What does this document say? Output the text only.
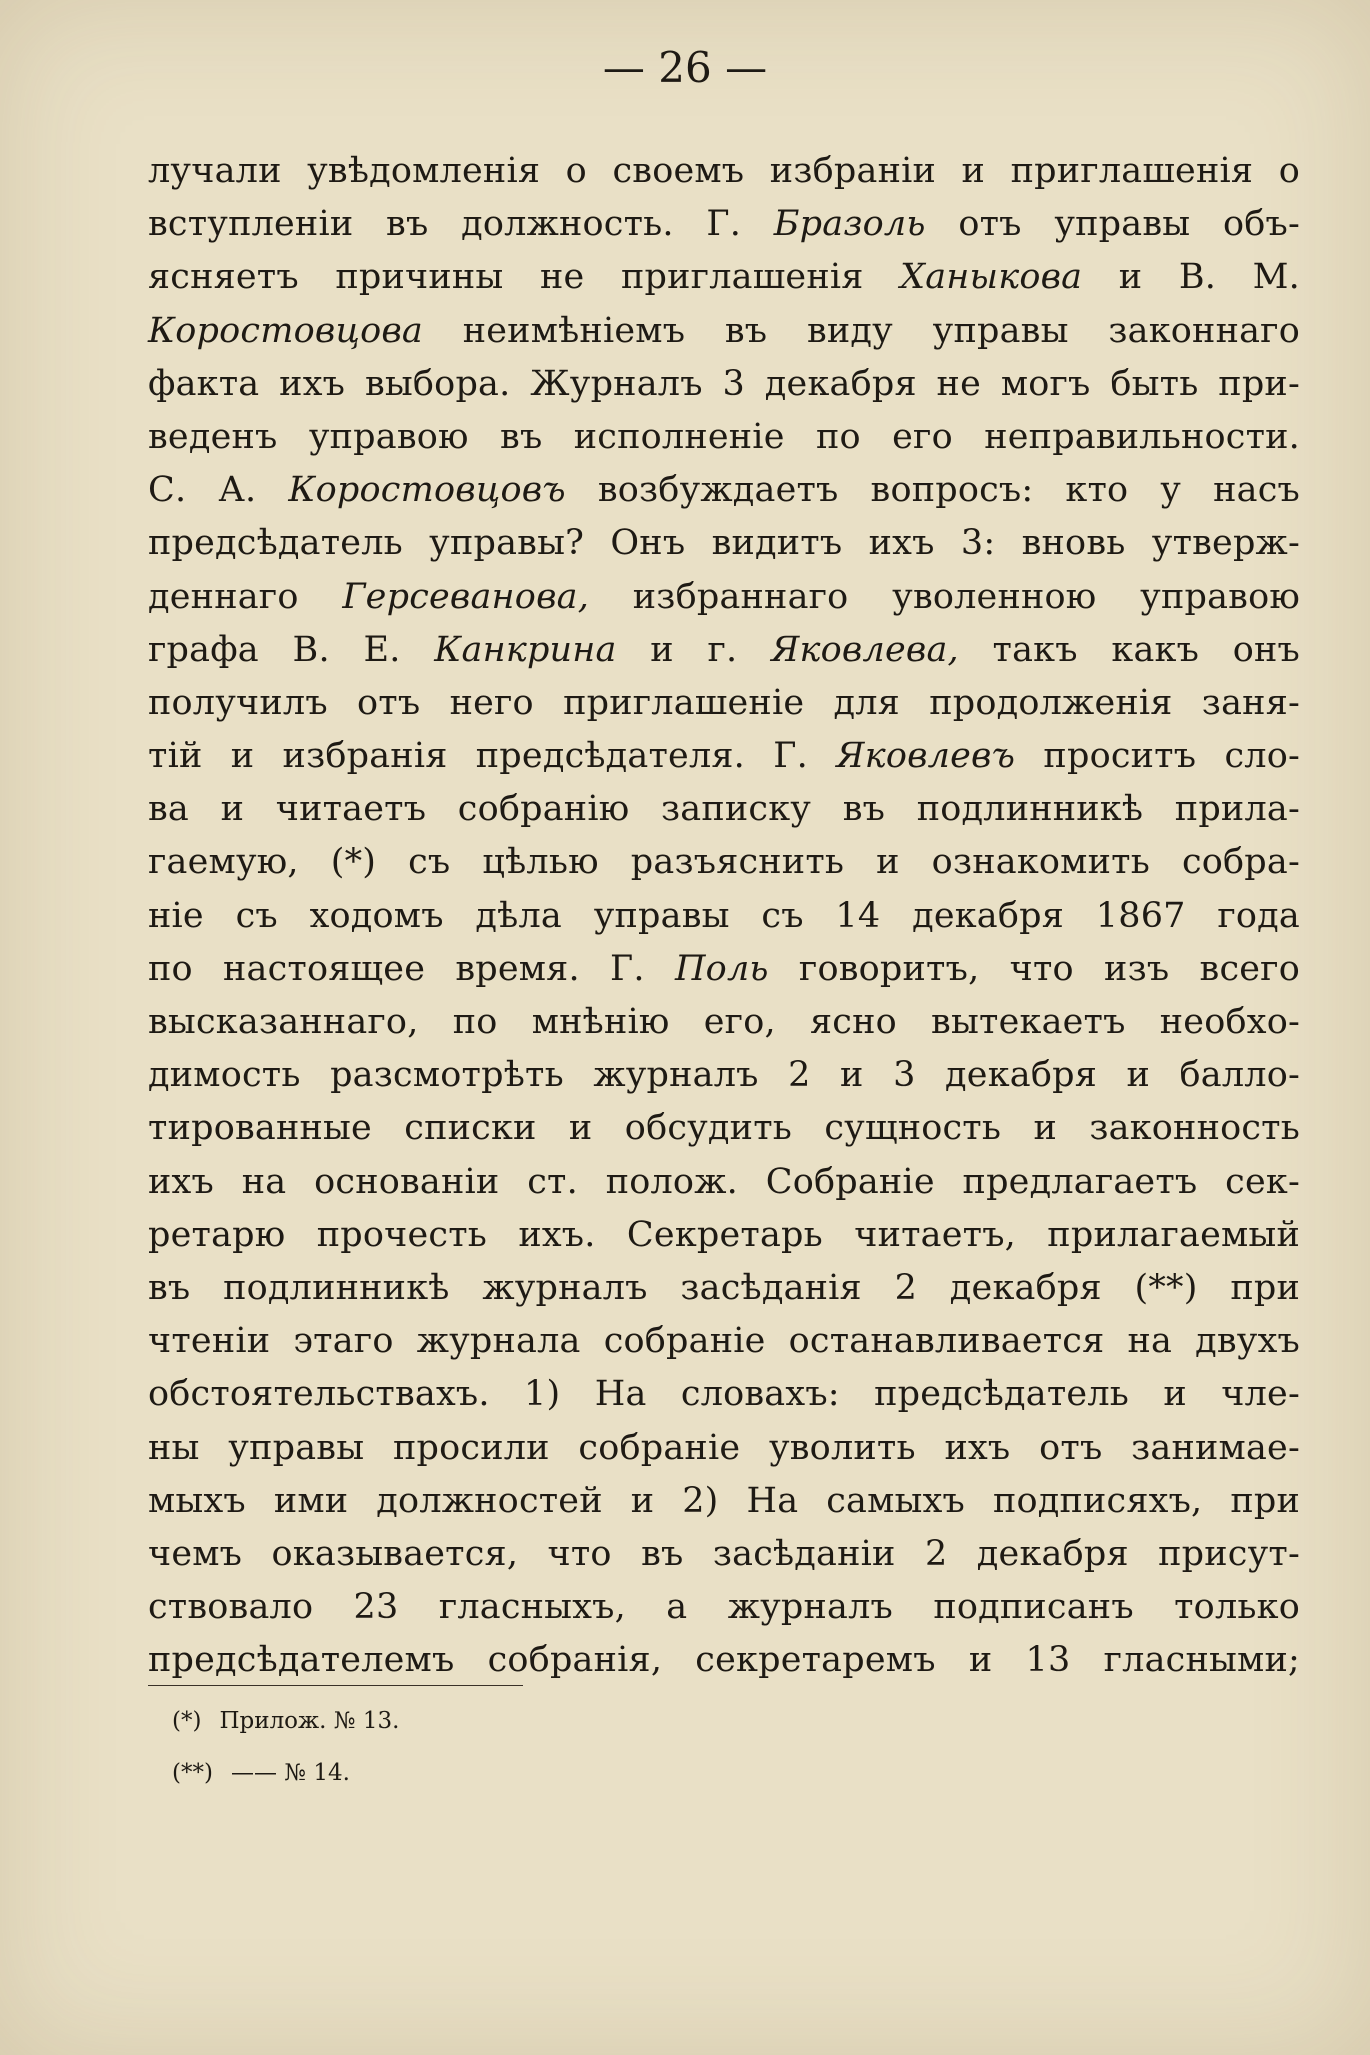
— 26 —
лучали увѣдомленія о своемъ избраніи и приглашенія о
вступленіи въ должность. Г. Бразоль отъ управы объ-
ясняетъ причины не приглашенія Ханыкова и В. М.
Коростовцова неимѣніемъ въ виду управы законнаго
факта ихъ выбора. Журналъ 3 декабря не могъ быть при-
веденъ управою въ исполненіе по его неправильности.
С. А. Коростовцовъ возбуждаетъ вопросъ: кто у насъ
предсѣдатель управы? Онъ видитъ ихъ 3: вновь утверж-
деннаго Герсеванова, избраннаго уволенною управою
графа В. Е. Канкрина и г. Яковлева, такъ какъ онъ
получилъ отъ него приглашеніе для продолженія заня-
тій и избранія предсѣдателя. Г. Яковлевъ проситъ сло-
ва и читаетъ собранію записку въ подлинникѣ прила-
гаемую, (*) съ цѣлью разъяснить и ознакомить собра-
ніе съ ходомъ дѣла управы съ 14 декабря 1867 года
по настоящее время. Г. Поль говоритъ, что изъ всего
высказаннаго, по мнѣнію его, ясно вытекаетъ необхо-
димость разсмотрѣть журналъ 2 и 3 декабря и балло-
тированные списки и обсудить сущность и законность
ихъ на основаніи ст. полож. Собраніе предлагаетъ сек-
ретарю прочесть ихъ. Секретарь читаетъ, прилагаемый
въ подлинникѣ журналъ засѣданія 2 декабря (**) при
чтеніи этаго журнала собраніе останавливается на двухъ
обстоятельствахъ. 1) На словахъ: предсѣдатель и чле-
ны управы просили собраніе уволить ихъ отъ занимае-
мыхъ ими должностей и 2) На самыхъ подписяхъ, при
чемъ оказывается, что въ засѣданіи 2 декабря присут-
ствовало 23 гласныхъ, а журналъ подписанъ только
предсѣдателемъ собранія, секретаремъ и 13 гласными;
(*) Прилож. № 13.
(**) —— № 14.
